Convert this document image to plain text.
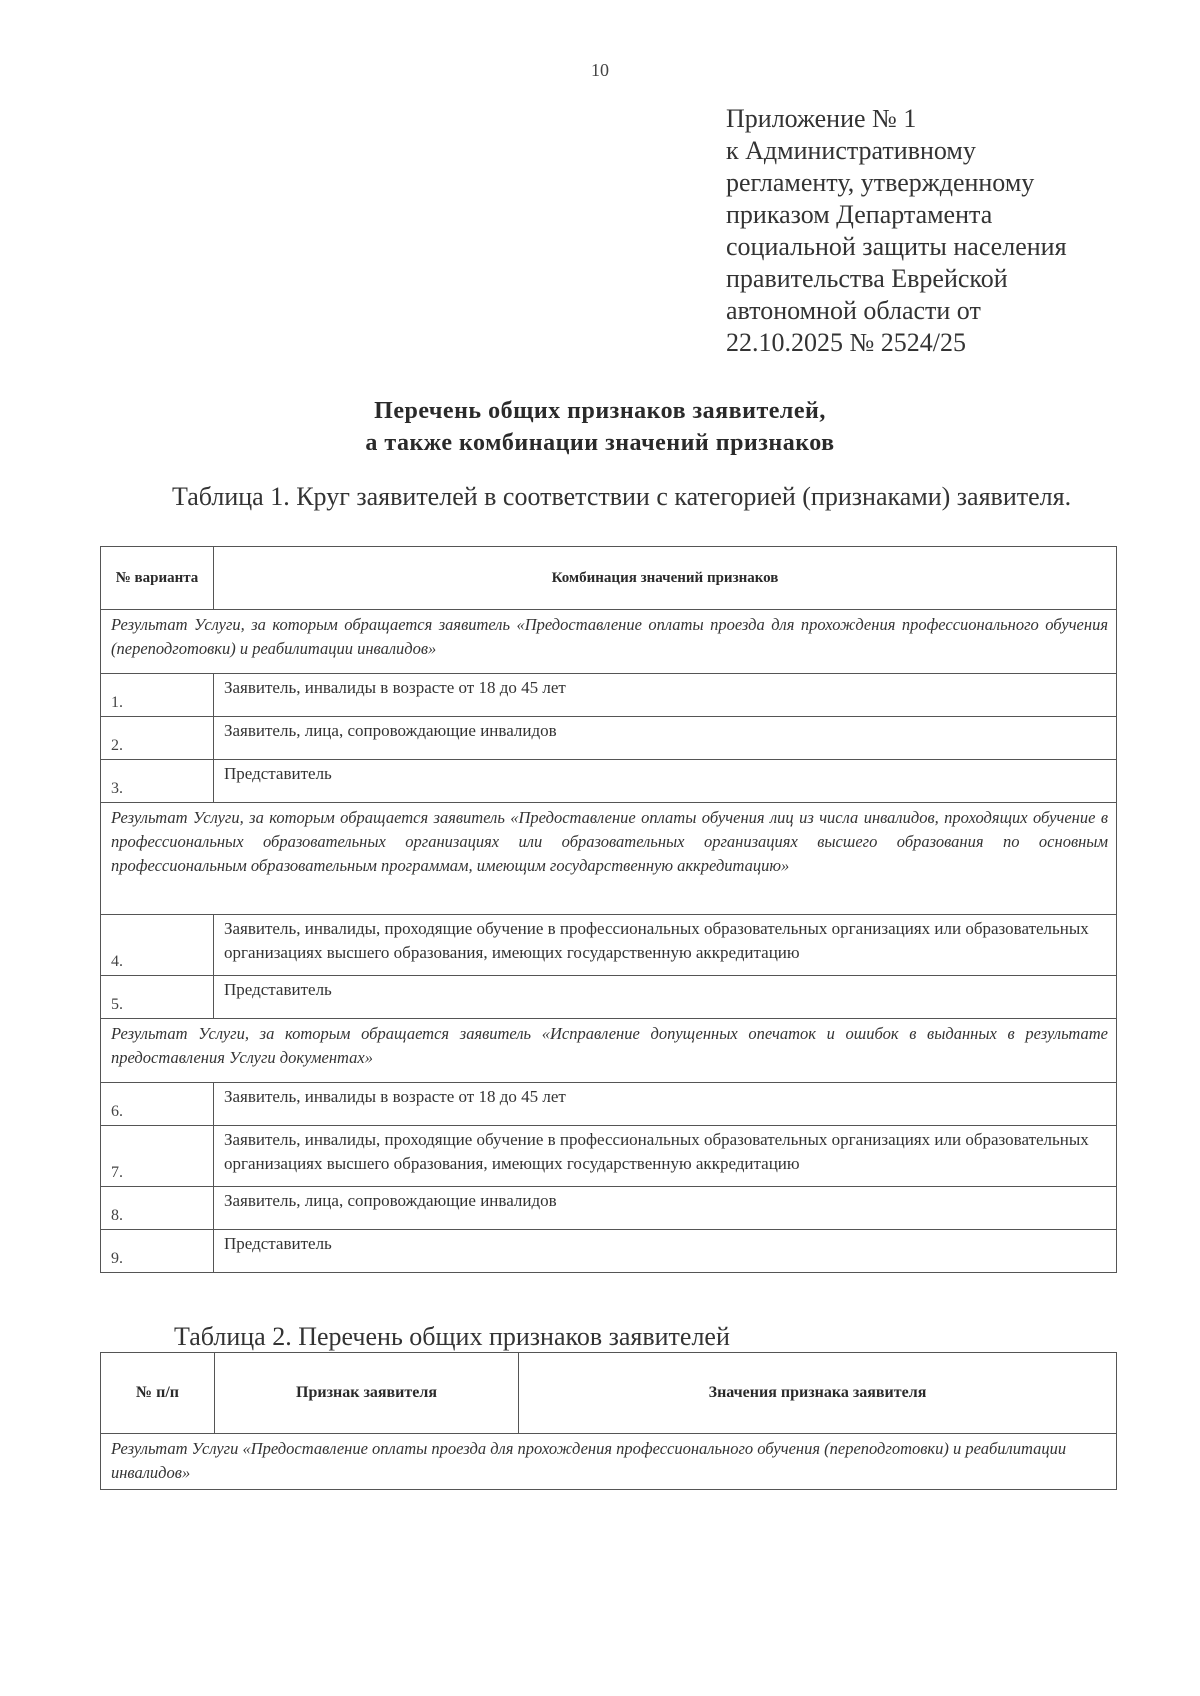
10
Приложение № 1
к Административному
регламенту, утвержденному
приказом Департамента
социальной защиты населения
правительства Еврейской
автономной области от
22.10.2025 № 2524/25
Перечень общих признаков заявителей,
а также комбинации значений признаков
Таблица 1. Круг заявителей в соответствии с категорией (признаками) заявителя.
№ варианта	Комбинация значений признаков
Результат Услуги, за которым обращается заявитель «Предоставление оплаты проезда для прохождения профессионального обучения (переподготовки) и реабилитации инвалидов»	
1.	Заявитель, инвалиды в возрасте от 18 до 45 лет
2.	Заявитель, лица, сопровождающие инвалидов
3.	Представитель
Результат Услуги, за которым обращается заявитель «Предоставление оплаты обучения лиц из числа инвалидов, проходящих обучение в профессиональных образовательных организациях или образовательных организациях высшего образования по основным профессиональным образовательным программам, имеющим государственную аккредитацию»	
4.	Заявитель, инвалиды, проходящие обучение в профессиональных образовательных организациях или образовательных организациях высшего образования, имеющих государственную аккредитацию
5.	Представитель
Результат Услуги, за которым обращается заявитель «Исправление допущенных опечаток и ошибок в выданных в результате предоставления Услуги документах»	
6.	Заявитель, инвалиды в возрасте от 18 до 45 лет
7.	Заявитель, инвалиды, проходящие обучение в профессиональных образовательных организациях или образовательных организациях высшего образования, имеющих государственную аккредитацию
8.	Заявитель, лица, сопровождающие инвалидов
9.	Представитель
Таблица 2. Перечень общих признаков заявителей
№ п/п	Признак заявителя	Значения признака заявителя
Результат Услуги «Предоставление оплаты проезда для прохождения профессионального обучения (переподготовки) и реабилитации инвалидов»
